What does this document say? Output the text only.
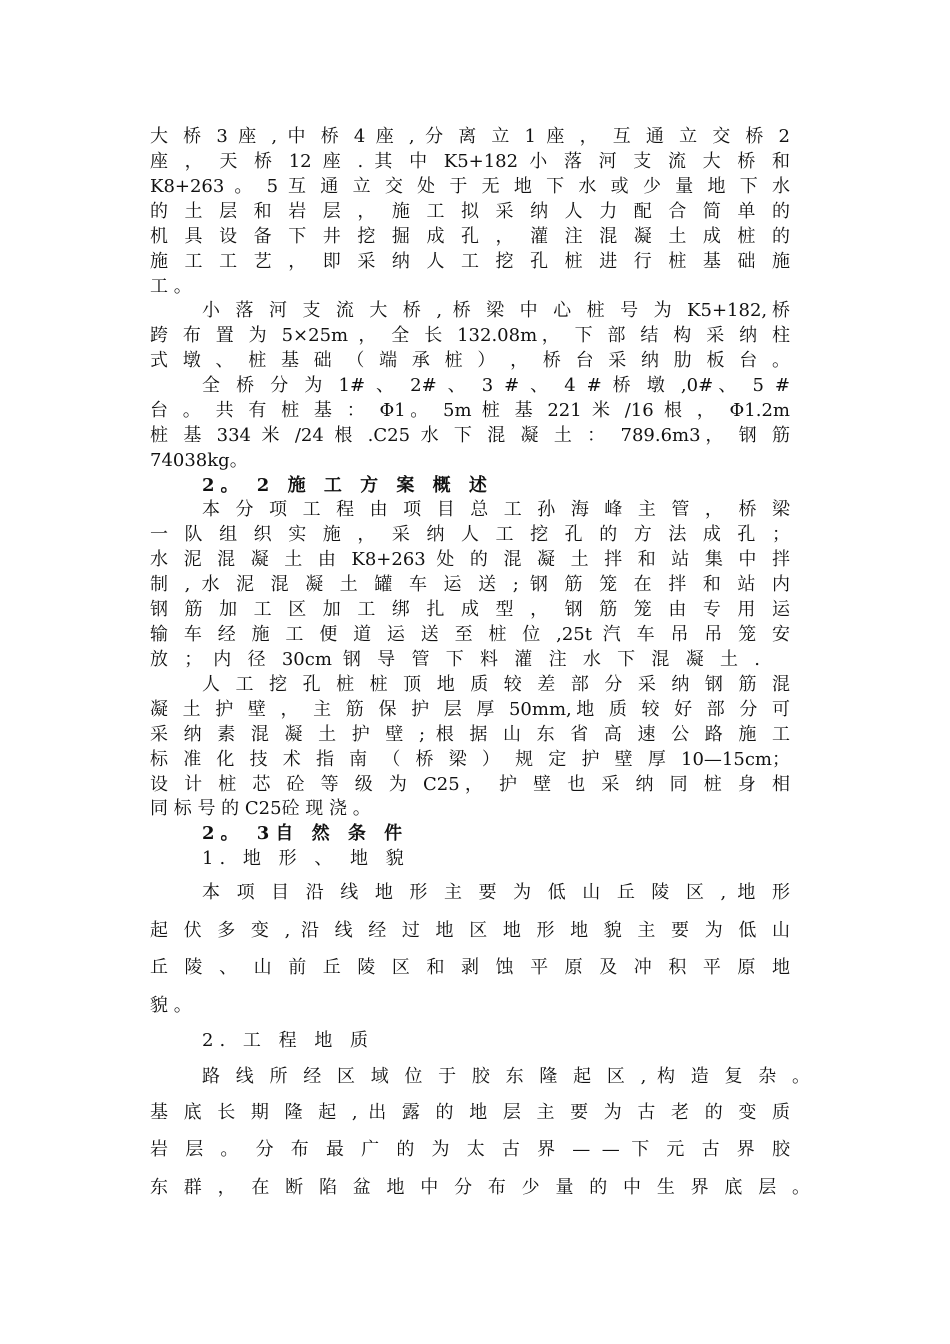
大 桥 3 座 , 中 桥 4 座 , 分 离 立 1 座 ， 互 通 立 交 桥 2
座 ， 天 桥 12 座 . 其 中 K5+182 小 落 河 支 流 大 桥 和
K8+263 。 5 互 通 立 交 处 于 无 地 下 水 或 少 量 地 下 水
的 土 层 和 岩 层 ， 施 工 拟 采 纳 人 力 配 合 简 单 的
机 具 设 备 下 井 挖 掘 成 孔 ， 灌 注 混 凝 土 成 桩 的
施 工 工 艺 ， 即 采 纳 人 工 挖 孔 桩 进 行 桩 基 础 施
工 。
小 落 河 支 流 大 桥 , 桥 梁 中 心 桩 号 为 K5+182,桥
跨 布 置 为 5×25m ， 全 长 132.08m， 下 部 结 构 采 纳 柱
式 墩 、 桩 基 础 （ 端 承 桩 ） ， 桥 台 采 纳 肋 板 台 。
全 桥 分 为 1# 、 2# 、 3 # 、 4 # 桥 墩 ,0#、 5 #
台 。 共 有 桩 基 ： Φ1。 5m 桩 基 221 米 /16 根 ， Φ1.2m
桩 基 334 米 /24 根 .C25 水 下 混 凝 土 ： 789.6m3， 钢 筋
74038kg。
2。 2 施 工 方 案 概 述
本 分 项 工 程 由 项 目 总 工 孙 海 峰 主 管 ， 桥 梁
一 队 组 织 实 施 ， 采 纳 人 工 挖 孔 的 方 法 成 孔 ；
水 泥 混 凝 土 由 K8+263 处 的 混 凝 土 拌 和 站 集 中 拌
制 , 水 泥 混 凝 土 罐 车 运 送 ; 钢 筋 笼 在 拌 和 站 内
钢 筋 加 工 区 加 工 绑 扎 成 型 ， 钢 筋 笼 由 专 用 运
输 车 经 施 工 便 道 运 送 至 桩 位 ,25t 汽 车 吊 吊 笼 安
放 ； 内 径 30cm 钢 导 管 下 料 灌 注 水 下 混 凝 土 .
人 工 挖 孔 桩 桩 顶 地 质 较 差 部 分 采 纳 钢 筋 混
凝 土 护 壁 ， 主 筋 保 护 层 厚 50mm,地 质 较 好 部 分 可
采 纳 素 混 凝 土 护 壁 ; 根 据 山 东 省 高 速 公 路 施 工
标 准 化 技 术 指 南 （ 桥 梁 ） 规 定 护 壁 厚 10—15cm；
设 计 桩 芯 砼 等 级 为 C25， 护 壁 也 采 纳 同 桩 身 相
同 标 号 的 C25砼 现 浇 。
2。 3自 然 条 件
1. 地 形 、 地 貌
本 项 目 沿 线 地 形 主 要 为 低 山 丘 陵 区 , 地 形
起 伏 多 变 , 沿 线 经 过 地 区 地 形 地 貌 主 要 为 低 山
丘 陵 、 山 前 丘 陵 区 和 剥 蚀 平 原 及 冲 积 平 原 地
貌 。
2. 工 程 地 质
路 线 所 经 区 域 位 于 胶 东 隆 起 区 , 构 造 复 杂 。
基 底 长 期 隆 起 , 出 露 的 地 层 主 要 为 古 老 的 变 质
岩 层 。 分 布 最 广 的 为 太 古 界 — — 下 元 古 界 胶
东 群 ， 在 断 陷 盆 地 中 分 布 少 量 的 中 生 界 底 层 。
